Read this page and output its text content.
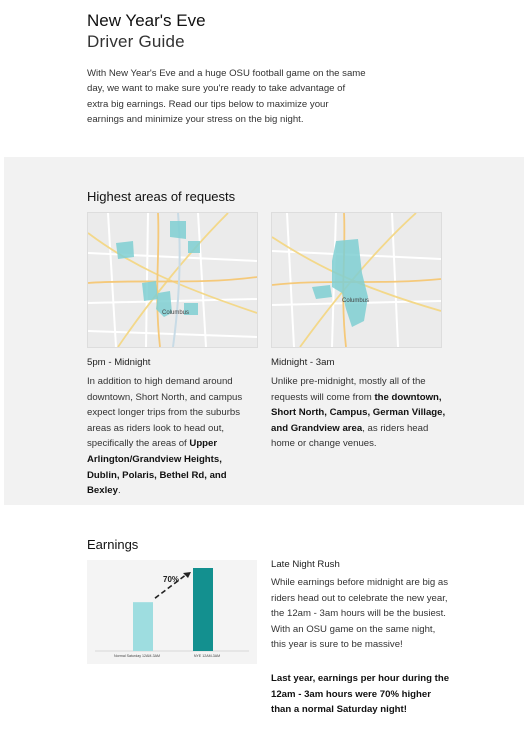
New Year's Eve
Driver Guide
With New Year's Eve and a huge OSU football game on the same day, we want to make sure you're ready to take advantage of extra big earnings. Read our tips below to maximize your earnings and minimize your stress on the big night.
Highest areas of requests
Columbus
5pm - Midnight
In addition to high demand around downtown, Short North, and campus expect longer trips from the suburbs areas as riders look to head out, specifically the areas of Upper Arlington/Grandview Heights, Dublin, Polaris, Bethel Rd, and Bexley.
Columbus
Midnight - 3am
Unlike pre-midnight, mostly all of the requests will come from the downtown, Short North, Campus, German Village, and Grandview area, as riders head home or change venues.
Earnings
70%
Normal Saturday 12AM-3AM	NYE 12AM-3AM
Late Night Rush
While earnings before midnight are big as riders head out to celebrate the new year, the 12am - 3am hours will be the busiest. With an OSU game on the same night, this year is sure to be massive!
Last year, earnings per hour during the 12am - 3am hours were 70% higher than a normal Saturday night!
